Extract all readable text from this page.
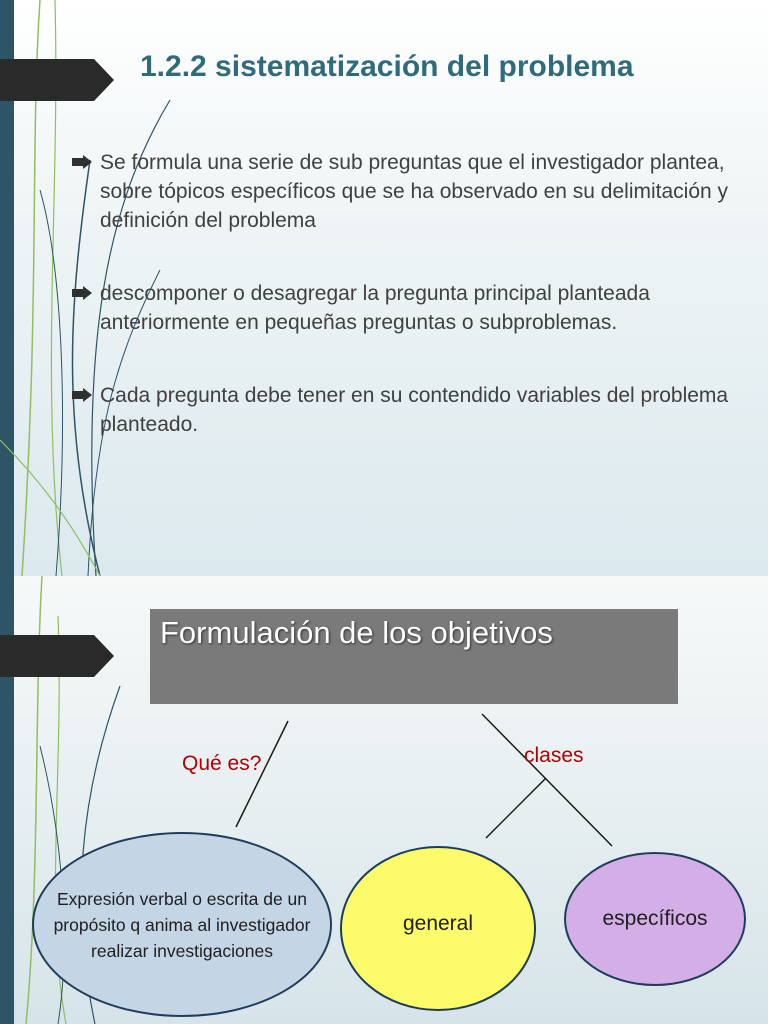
1.2.2 sistematización del problema
Se formula una serie de sub preguntas que el investigador plantea, sobre tópicos específicos que se ha observado en su delimitación y definición del problema
descomponer o desagregar la pregunta principal planteada anteriormente en pequeñas preguntas o subproblemas.
Cada pregunta debe tener en su contendido variables del problema planteado.
Formulación de los objetivos
Qué es?	clases
Expresión verbal o escrita de un propósito q anima al investigador realizar investigaciones
general	específicos
